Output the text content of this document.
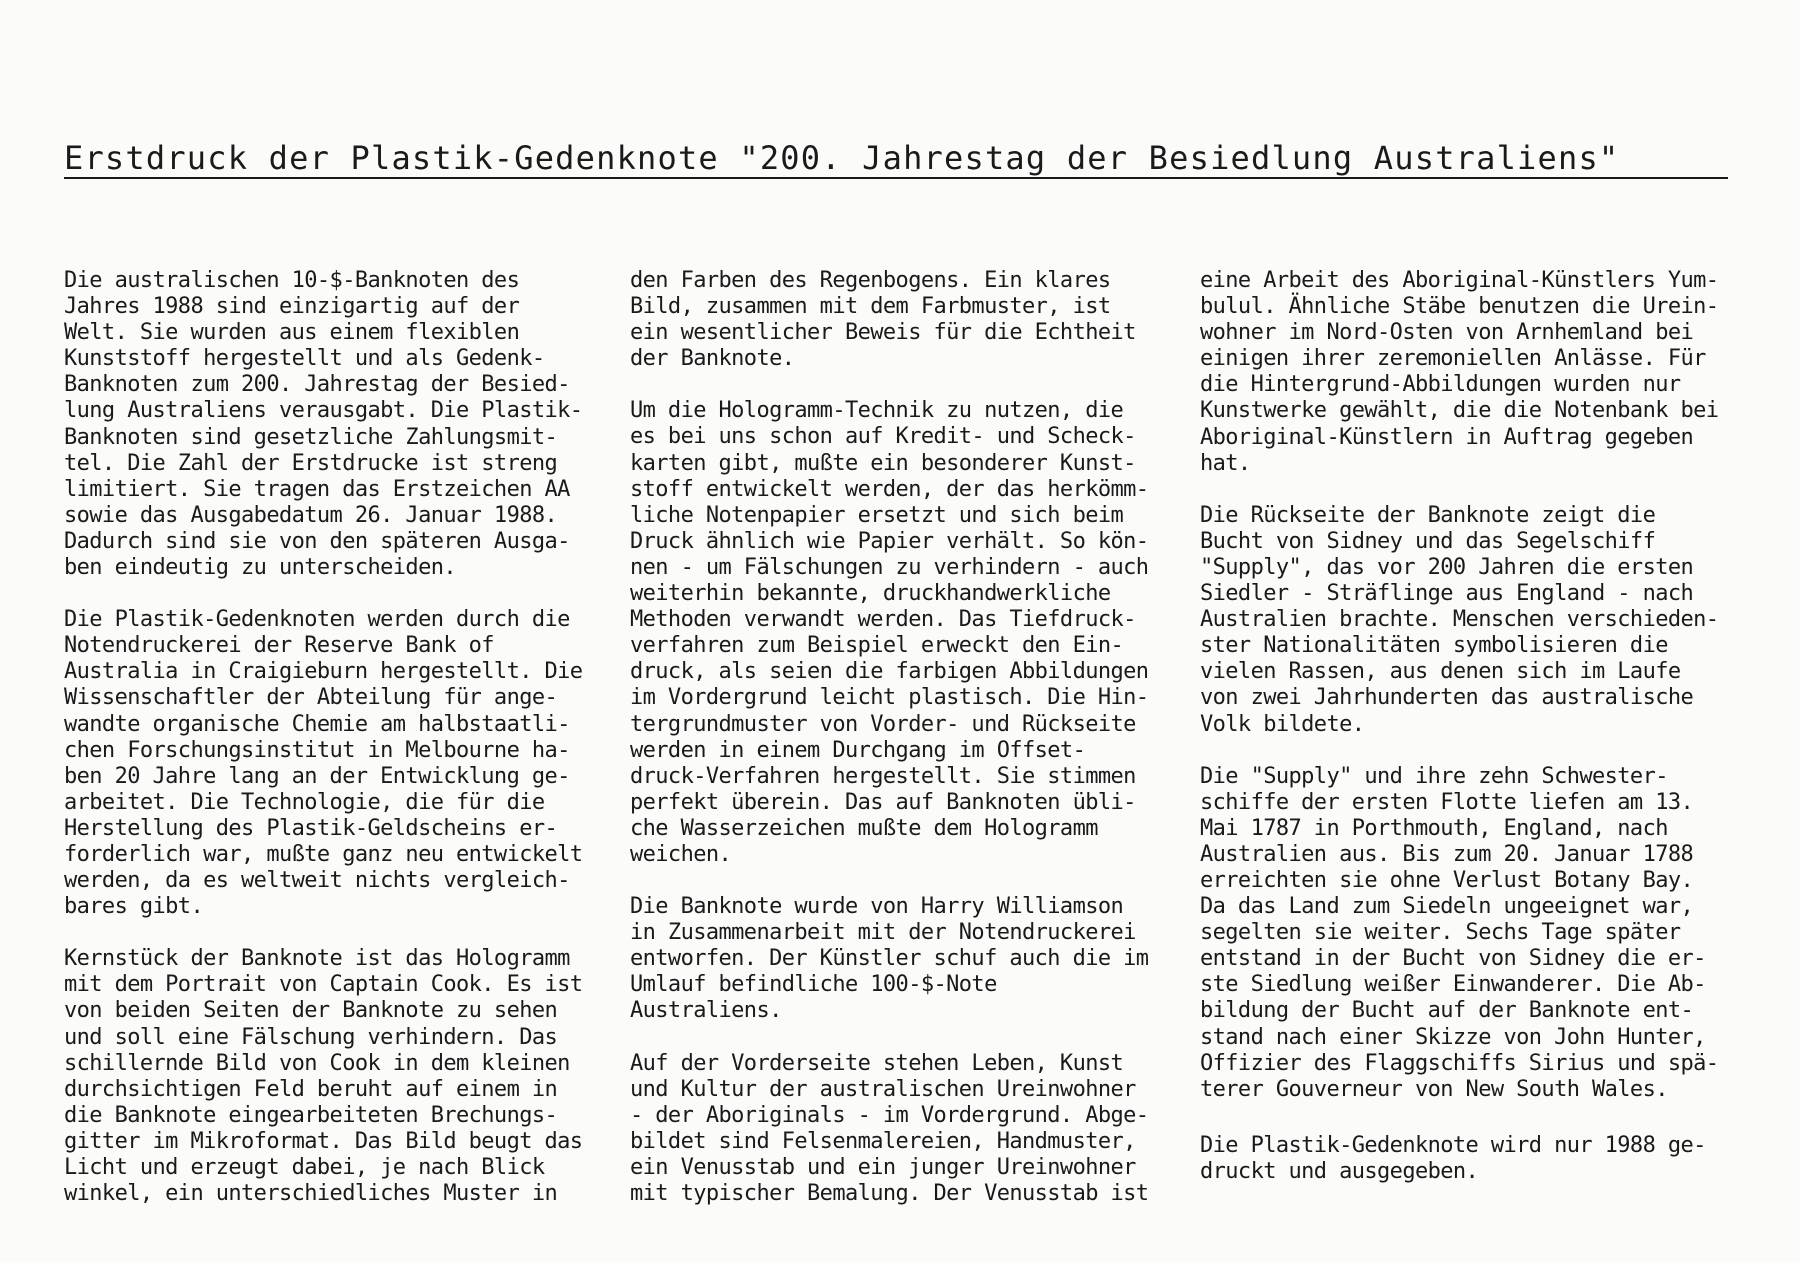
Erstdruck der Plastik-Gedenknote "200. Jahrestag der Besiedlung Australiens"

Die australischen 10-$-Banknoten des
Jahres 1988 sind einzigartig auf der
Welt. Sie wurden aus einem flexiblen
Kunststoff hergestellt und als Gedenk-
Banknoten zum 200. Jahrestag der Besied-
lung Australiens verausgabt. Die Plastik-
Banknoten sind gesetzliche Zahlungsmit-
tel. Die Zahl der Erstdrucke ist streng
limitiert. Sie tragen das Erstzeichen AA
sowie das Ausgabedatum 26. Januar 1988.
Dadurch sind sie von den späteren Ausga-
ben eindeutig zu unterscheiden.

Die Plastik-Gedenknoten werden durch die
Notendruckerei der Reserve Bank of
Australia in Craigieburn hergestellt. Die
Wissenschaftler der Abteilung für ange-
wandte organische Chemie am halbstaatli-
chen Forschungsinstitut in Melbourne ha-
ben 20 Jahre lang an der Entwicklung ge-
arbeitet. Die Technologie, die für die
Herstellung des Plastik-Geldscheins er-
forderlich war, mußte ganz neu entwickelt
werden, da es weltweit nichts vergleich-
bares gibt.

Kernstück der Banknote ist das Hologramm
mit dem Portrait von Captain Cook. Es ist
von beiden Seiten der Banknote zu sehen
und soll eine Fälschung verhindern. Das
schillernde Bild von Cook in dem kleinen
durchsichtigen Feld beruht auf einem in
die Banknote eingearbeiteten Brechungs-
gitter im Mikroformat. Das Bild beugt das
Licht und erzeugt dabei, je nach Blick
winkel, ein unterschiedliches Muster in

den Farben des Regenbogens. Ein klares
Bild, zusammen mit dem Farbmuster, ist
ein wesentlicher Beweis für die Echtheit
der Banknote.

Um die Hologramm-Technik zu nutzen, die
es bei uns schon auf Kredit- und Scheck-
karten gibt, mußte ein besonderer Kunst-
stoff entwickelt werden, der das herkömm-
liche Notenpapier ersetzt und sich beim
Druck ähnlich wie Papier verhält. So kön-
nen - um Fälschungen zu verhindern - auch
weiterhin bekannte, druckhandwerkliche
Methoden verwandt werden. Das Tiefdruck-
verfahren zum Beispiel erweckt den Ein-
druck, als seien die farbigen Abbildungen
im Vordergrund leicht plastisch. Die Hin-
tergrundmuster von Vorder- und Rückseite
werden in einem Durchgang im Offset-
druck-Verfahren hergestellt. Sie stimmen
perfekt überein. Das auf Banknoten übli-
che Wasserzeichen mußte dem Hologramm
weichen.

Die Banknote wurde von Harry Williamson
in Zusammenarbeit mit der Notendruckerei
entworfen. Der Künstler schuf auch die im
Umlauf befindliche 100-$-Note
Australiens.

Auf der Vorderseite stehen Leben, Kunst
und Kultur der australischen Ureinwohner
- der Aboriginals - im Vordergrund. Abge-
bildet sind Felsenmalereien, Handmuster,
ein Venusstab und ein junger Ureinwohner
mit typischer Bemalung. Der Venusstab ist

eine Arbeit des Aboriginal-Künstlers Yum-
bulul. Ähnliche Stäbe benutzen die Urein-
wohner im Nord-Osten von Arnhemland bei
einigen ihrer zeremoniellen Anlässe. Für
die Hintergrund-Abbildungen wurden nur
Kunstwerke gewählt, die die Notenbank bei
Aboriginal-Künstlern in Auftrag gegeben
hat.

Die Rückseite der Banknote zeigt die
Bucht von Sidney und das Segelschiff
"Supply", das vor 200 Jahren die ersten
Siedler - Sträflinge aus England - nach
Australien brachte. Menschen verschieden-
ster Nationalitäten symbolisieren die
vielen Rassen, aus denen sich im Laufe
von zwei Jahrhunderten das australische
Volk bildete.

Die "Supply" und ihre zehn Schwester-
schiffe der ersten Flotte liefen am 13.
Mai 1787 in Porthmouth, England, nach
Australien aus. Bis zum 20. Januar 1788
erreichten sie ohne Verlust Botany Bay.
Da das Land zum Siedeln ungeeignet war,
segelten sie weiter. Sechs Tage später
entstand in der Bucht von Sidney die er-
ste Siedlung weißer Einwanderer. Die Ab-
bildung der Bucht auf der Banknote ent-
stand nach einer Skizze von John Hunter,
Offizier des Flaggschiffs Sirius und spä-
terer Gouverneur von New South Wales.

Die Plastik-Gedenknote wird nur 1988 ge-
druckt und ausgegeben.
